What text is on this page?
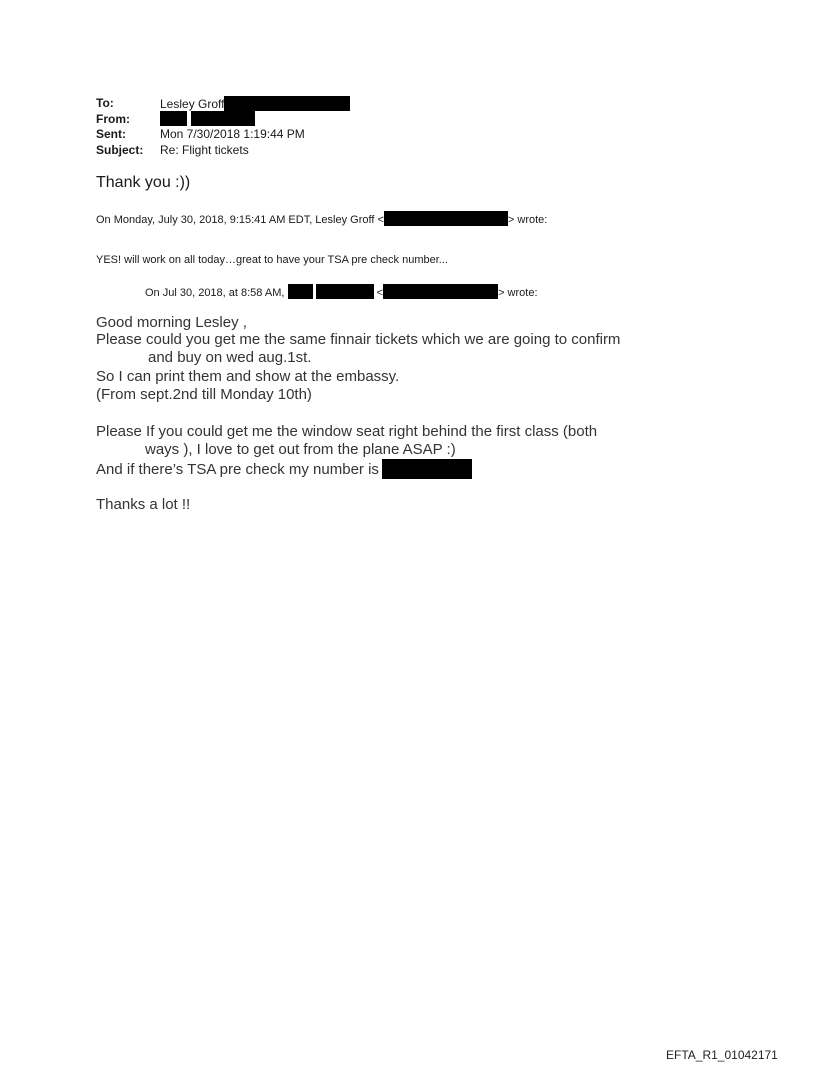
To:	Lesley Groff
From:

Sent:	Mon 7/30/2018 1:19:44 PM
Subject: Re: Flight tickets
Thank you :))
On Monday, July 30, 2018, 9:15:41 AM EDT, Lesley Groff <	> wrote:
YES! will work on all today…great to have your TSA pre check number...
On Jul 30, 2018, at 8:58 AM,	<	> wrote:
Good morning Lesley ,
Please could you get me the same finnair tickets which we are going to confirm
and buy on wed aug.1st.
So I can print them and show at the embassy.
(From sept.2nd till Monday 10th)
Please If you could get me the window seat right behind the first class (both
ways ), I love to get out from the plane ASAP :)
And if there’s TSA pre check my number is
Thanks a lot !!
EFTA_R1_01042171
